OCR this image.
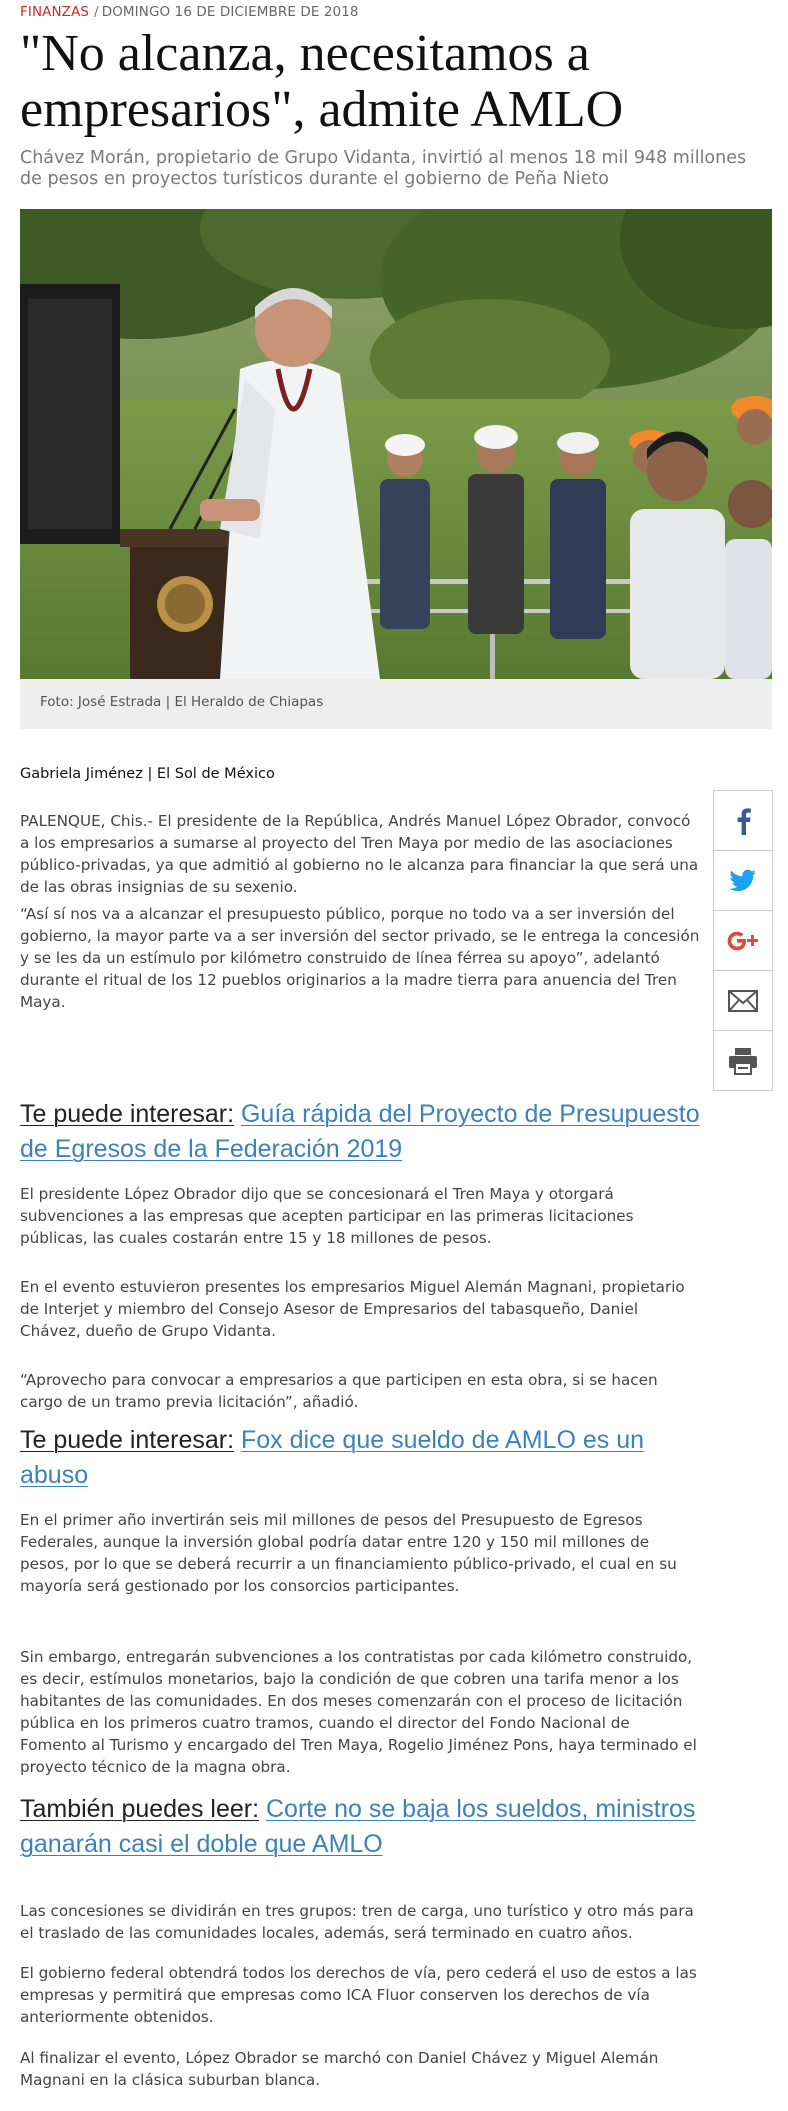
FINANZAS / DOMINGO 16 DE DICIEMBRE DE 2018
"No alcanza, necesitamos a empresarios", admite AMLO

Chávez Morán, propietario de Grupo Vidanta, invirtió al menos 18 mil 948 millones de pesos en proyectos turísticos durante el gobierno de Peña Nieto

Foto: José Estrada | El Heraldo de Chiapas
Gabriela Jiménez | El Sol de México

PALENQUE, Chis.- El presidente de la República, Andrés Manuel López Obrador, convocó a los empresarios a sumarse al proyecto del Tren Maya por medio de las asociaciones público-privadas, ya que admitió al gobierno no le alcanza para financiar la que será una de las obras insignias de su sexenio.

“Así sí nos va a alcanzar el presupuesto público, porque no todo va a ser inversión del gobierno, la mayor parte va a ser inversión del sector privado, se le entrega la concesión y se les da un estímulo por kilómetro construido de línea férrea su apoyo”, adelantó durante el ritual de los 12 pueblos originarios a la madre tierra para anuencia del Tren Maya.

Te puede interesar: Guía rápida del Proyecto de Presupuesto de Egresos de la Federación 2019

El presidente López Obrador dijo que se concesionará el Tren Maya y otorgará subvenciones a las empresas que acepten participar en las primeras licitaciones públicas, las cuales costarán entre 15 y 18 millones de pesos.

En el evento estuvieron presentes los empresarios Miguel Alemán Magnani, propietario de Interjet y miembro del Consejo Asesor de Empresarios del tabasqueño, Daniel Chávez, dueño de Grupo Vidanta.

“Aprovecho para convocar a empresarios a que participen en esta obra, si se hacen cargo de un tramo previa licitación”, añadió.

Te puede interesar: Fox dice que sueldo de AMLO es un abuso

En el primer año invertirán seis mil millones de pesos del Presupuesto de Egresos Federales, aunque la inversión global podría datar entre 120 y 150 mil millones de pesos, por lo que se deberá recurrir a un financiamiento público-privado, el cual en su mayoría será gestionado por los consorcios participantes.

Sin embargo, entregarán subvenciones a los contratistas por cada kilómetro construido, es decir, estímulos monetarios, bajo la condición de que cobren una tarifa menor a los habitantes de las comunidades. En dos meses comenzarán con el proceso de licitación pública en los primeros cuatro tramos, cuando el director del Fondo Nacional de Fomento al Turismo y encargado del Tren Maya, Rogelio Jiménez Pons, haya terminado el proyecto técnico de la magna obra.

También puedes leer: Corte no se baja los sueldos, ministros ganarán casi el doble que AMLO

Las concesiones se dividirán en tres grupos: tren de carga, uno turístico y otro más para el traslado de las comunidades locales, además, será terminado en cuatro años.

El gobierno federal obtendrá todos los derechos de vía, pero cederá el uso de estos a las empresas y permitirá que empresas como ICA Fluor conserven los derechos de vía anteriormente obtenidos.

Al finalizar el evento, López Obrador se marchó con Daniel Chávez y Miguel Alemán Magnani en la clásica suburban blanca.
